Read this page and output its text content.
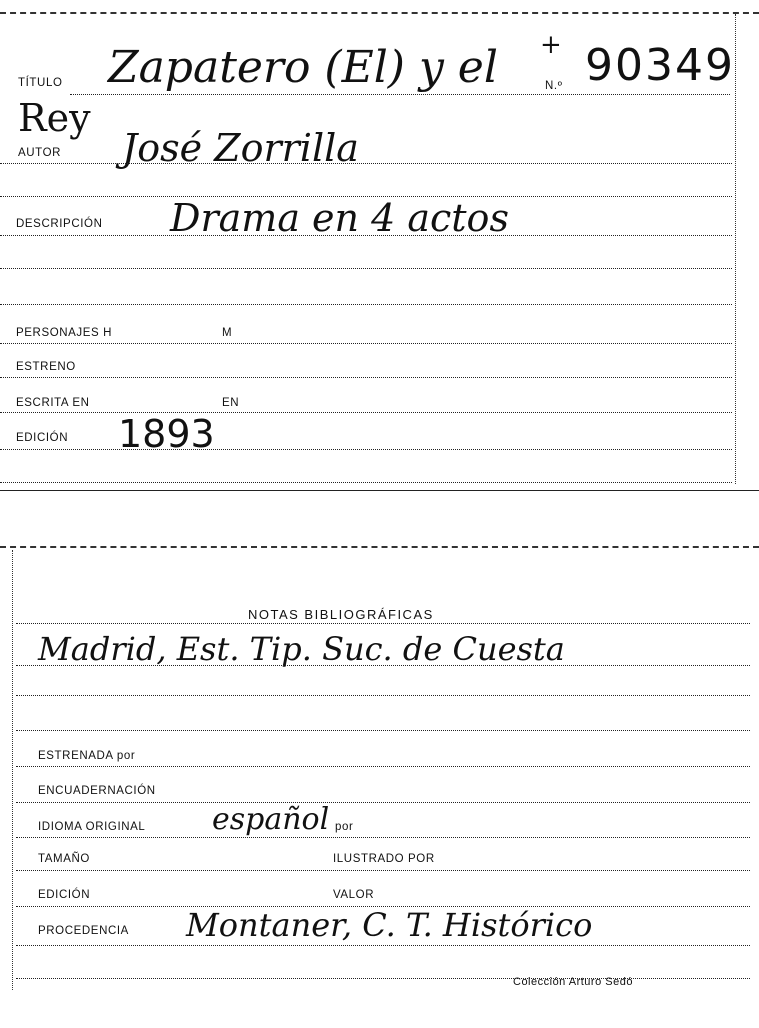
TÍTULO Zapatero (El) y el +
N.º 90349
Rey
AUTOR José Zorrilla
DESCRIPCIÓN Drama en 4 actos
PERSONAJES H	M
ESTRENO
ESCRITA EN	EN
EDICIÓN 1893
NOTAS BIBLIOGRÁFICAS
Madrid, Est. Tip. Suc. de Cuesta
ESTRENADA por
ENCUADERNACIÓN
IDIOMA ORIGINAL español por
TAMAÑO	ILUSTRADO POR
EDICIÓN	VALOR
PROCEDENCIA Montaner, C. T. Histórico
Colección Arturo Sedó
